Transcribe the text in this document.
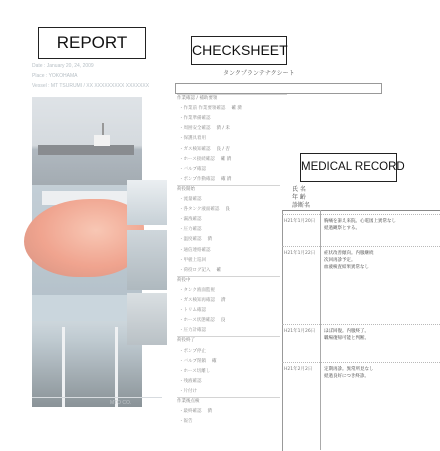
Date : January 20, 24, 2009
Place : YOKOHAMA
Vessel : MT TSURUMI / XX XXXXXXXXX XXXXXXX
MTO CO.
タンクプランテナクシート
作業確認 / 補助要領
・作業前 作業要領確認 確 済
・作業準備確認
・周囲安全確認 済 / 未
・保護具着用
・ガス検知確認 良 / 否
・ホース接続確認 確 済
・バルブ確認
・ポンプ作動確認 確 済
荷役開始
・流量確認
・各タンク液面確認 良
・漏洩確認
・圧力確認
・温度確認 済
・通信連絡確認
・甲板上巡回
・荷役ログ記入 確
荷役中
・タンク液面監視
・ガス検知再確認 済
・トリム確認
・ホース状態確認 良
・圧力計確認
荷役終了
・ポンプ停止
・バルブ閉鎖 確
・ホース切離し
・残液確認
・片付け
作業後点検
・最終確認 済
・報告
氏 名
年 齢
診断名
H21年1月20日 胸痛を訴え来院。心電図上異常なし
経過観察とする。
H21年1月22日 症状改善傾向。内服継続
次回再診予定。
血液検査結果異常なし
H21年1月26日 ほぼ回復。内服終了。
職場復帰可能と判断。
H21年2月2日	定期再診。異常所見なし
経過良好につき終診。
REPORT	CHECKSHEET
MEDICAL RECORD
